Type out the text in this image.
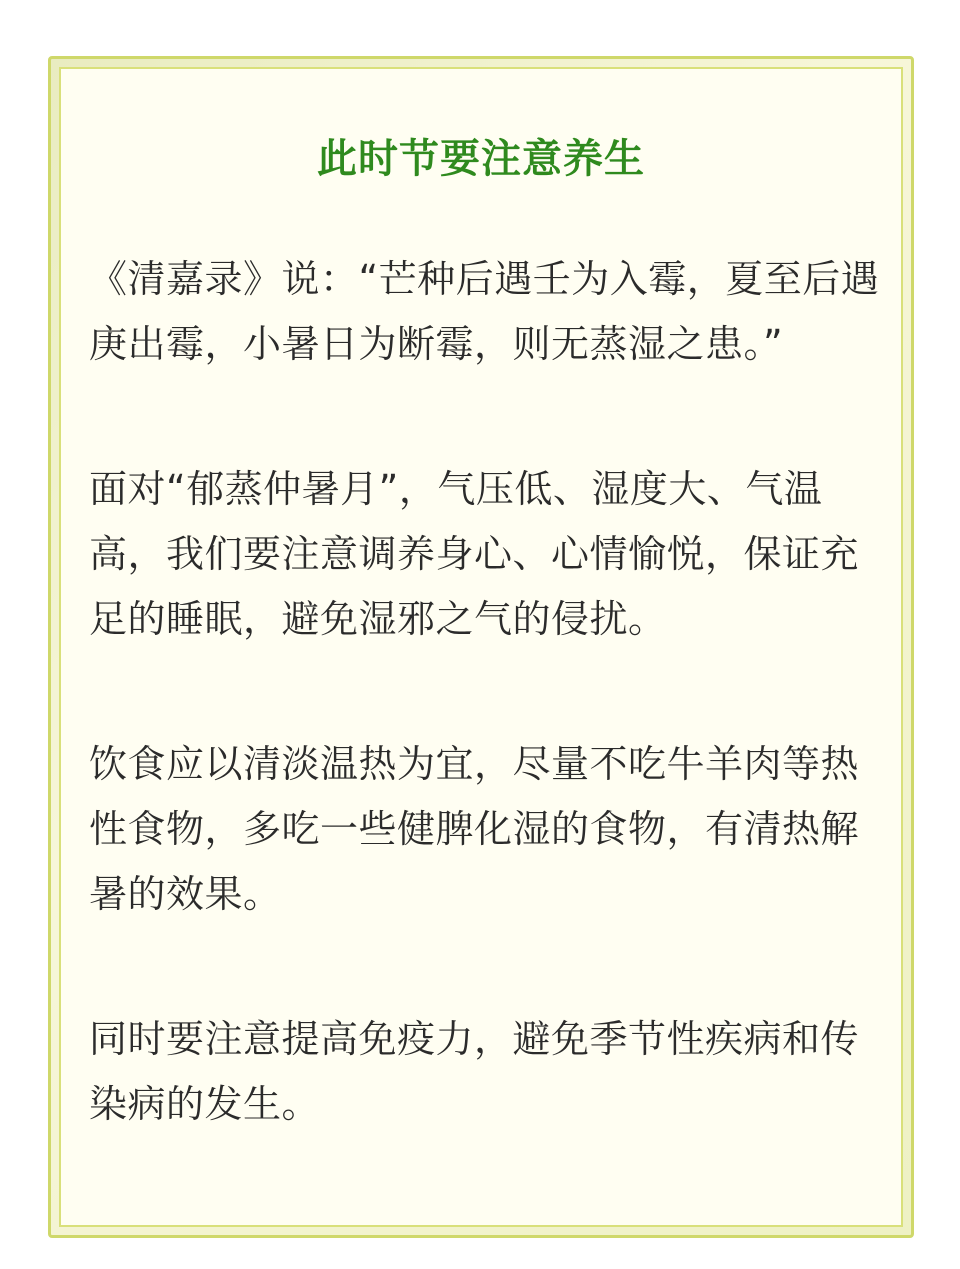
此时节要注意养生

《清嘉录》说：“芒种后遇壬为入霉，夏至后遇庚出霉，小暑日为断霉，则无蒸湿之患。”

面对“郁蒸仲暑月”，气压低、湿度大、气温高，我们要注意调养身心、心情愉悦，保证充足的睡眠，避免湿邪之气的侵扰。

饮食应以清淡温热为宜，尽量不吃牛羊肉等热性食物，多吃一些健脾化湿的食物，有清热解暑的效果。

同时要注意提高免疫力，避免季节性疾病和传染病的发生。
